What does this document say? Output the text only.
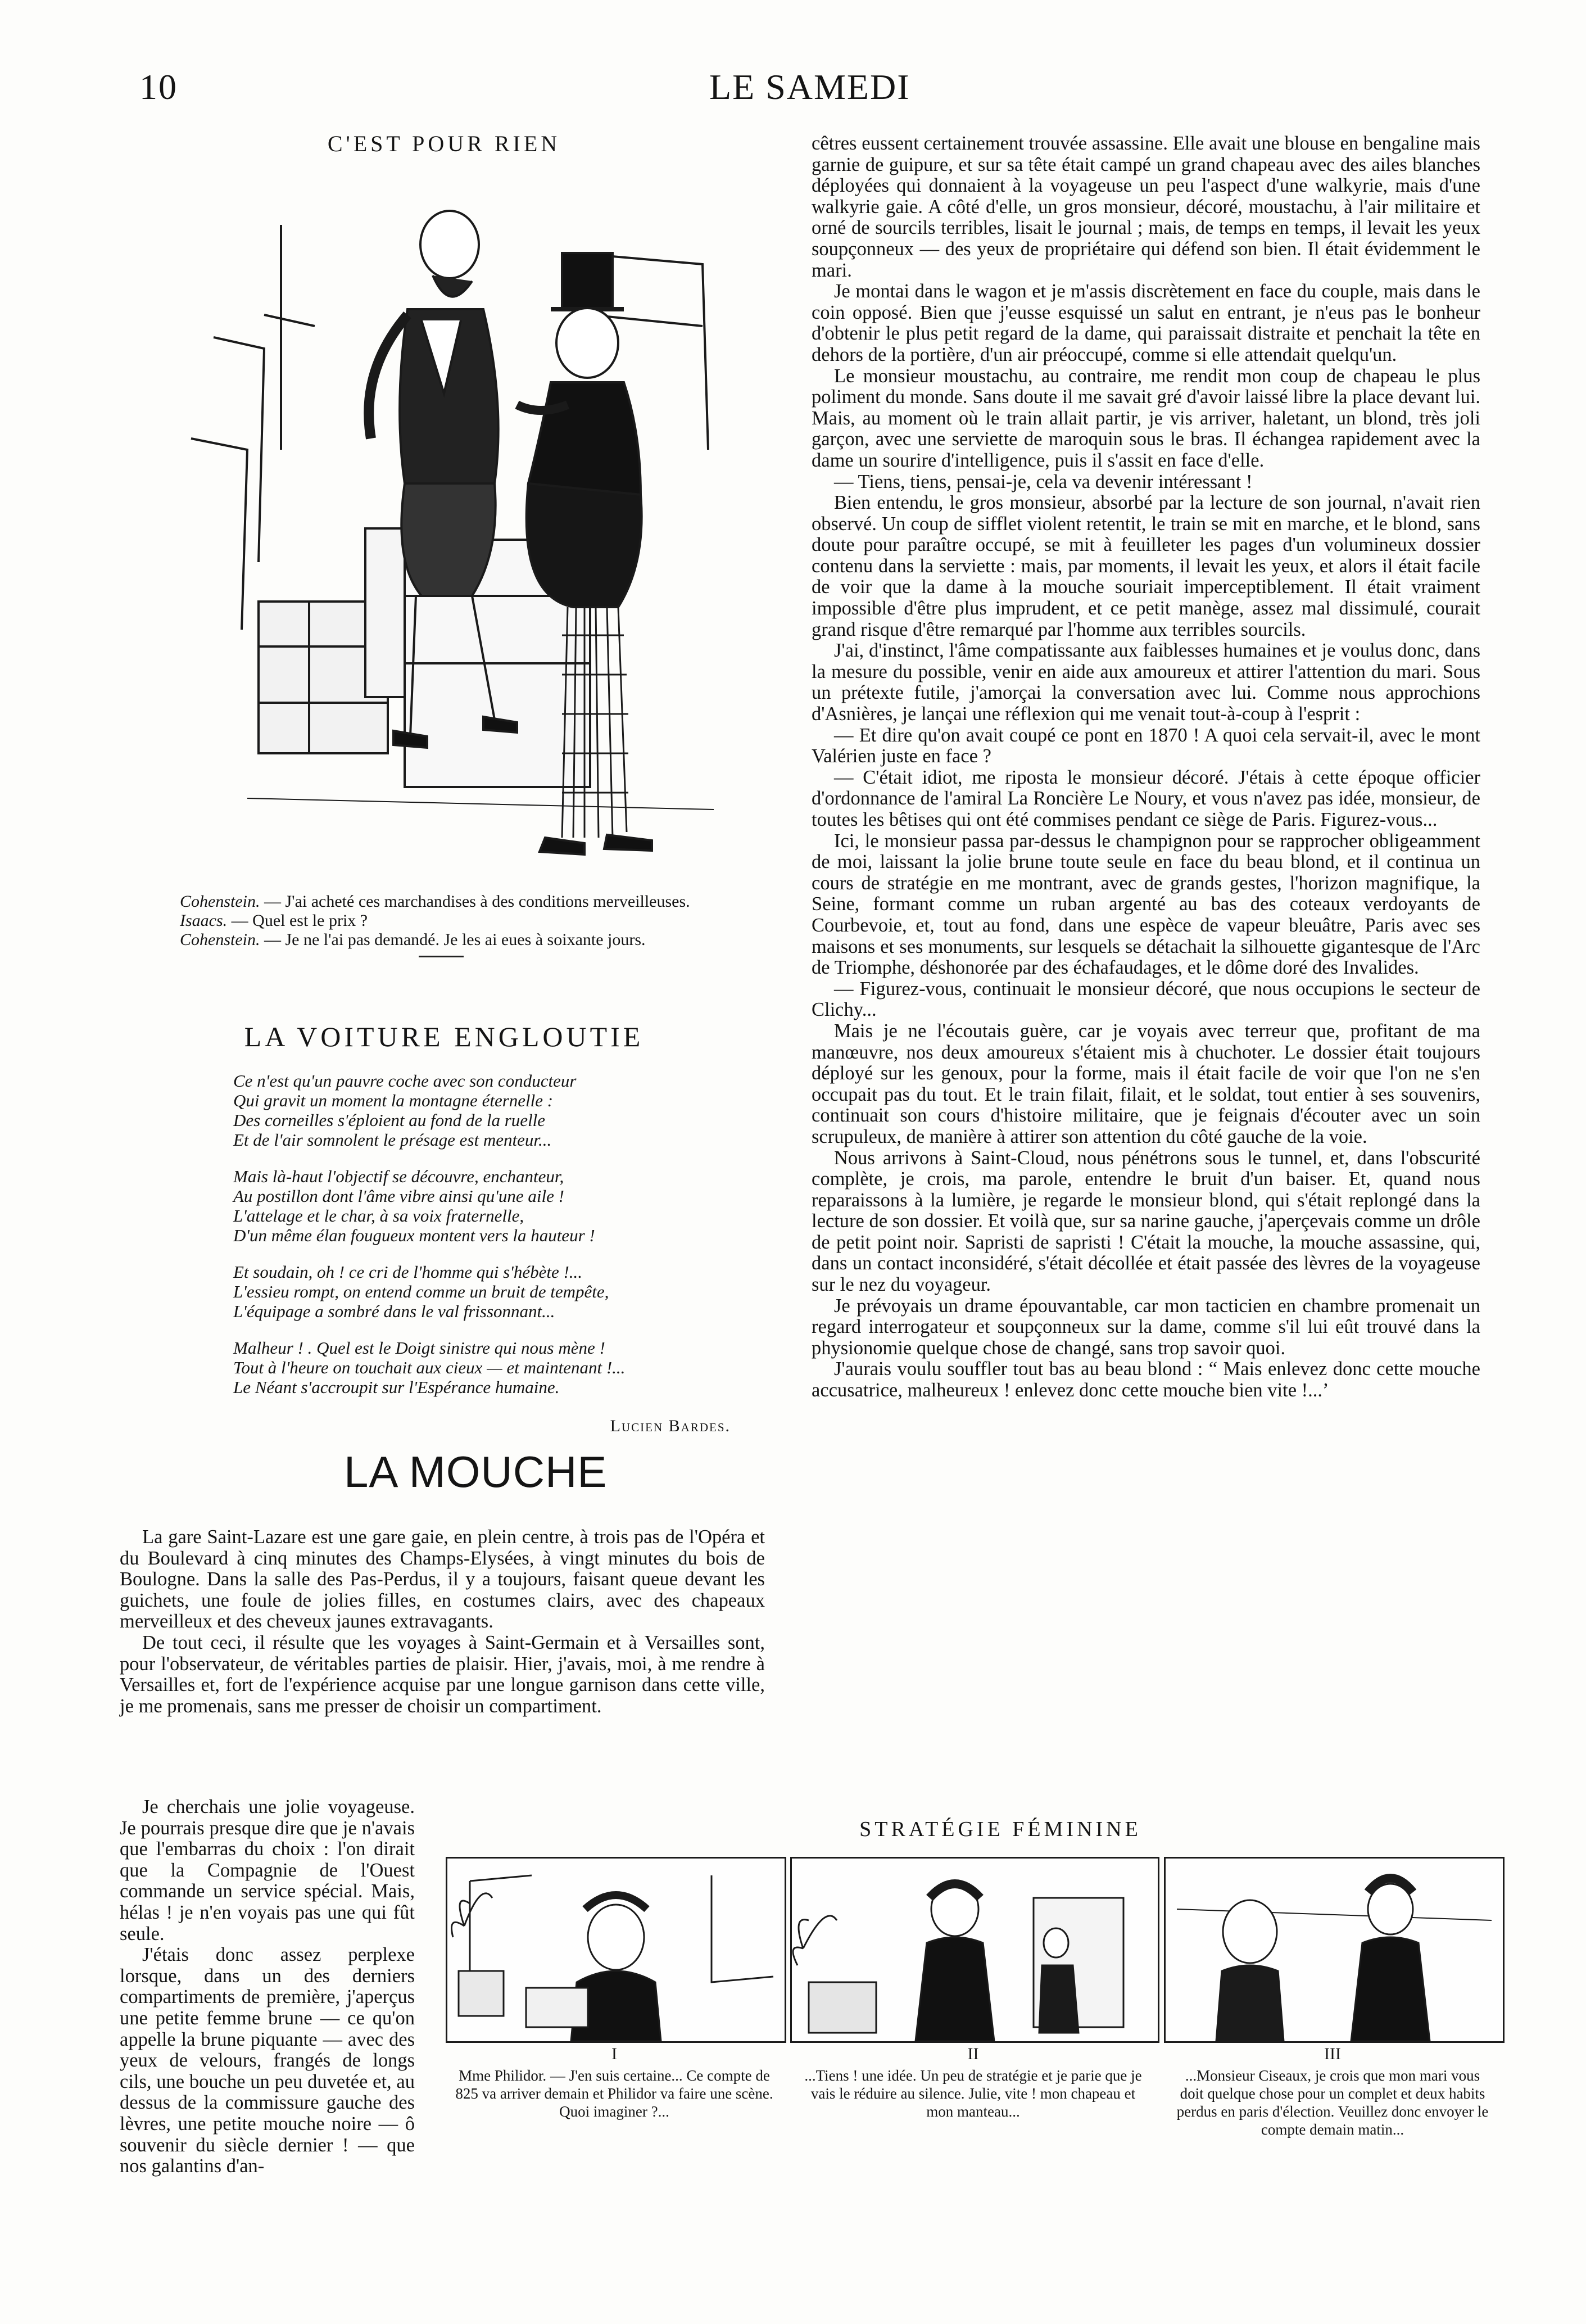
10	LE SAMEDI
C'EST POUR RIEN
Cohenstein. — J'ai acheté ces marchandises à des conditions merveilleuses.
Isaacs. — Quel est le prix ?
Cohenstein. — Je ne l'ai pas demandé. Je les ai eues à soixante jours.
LA VOITURE ENGLOUTIE
Ce n'est qu'un pauvre coche avec son conducteur
Qui gravit un moment la montagne éternelle :
Des corneilles s'éploient au fond de la ruelle
Et de l'air somnolent le présage est menteur...
Mais là-haut l'objectif se découvre, enchanteur,
Au postillon dont l'âme vibre ainsi qu'une aile !
L'attelage et le char, à sa voix fraternelle,
D'un même élan fougueux montent vers la hauteur !
Et soudain, oh ! ce cri de l'homme qui s'hébète !...
L'essieu rompt, on entend comme un bruit de tempête,
L'équipage a sombré dans le val frissonnant...
Malheur ! . Quel est le Doigt sinistre qui nous mène !
Tout à l'heure on touchait aux cieux — et maintenant !...
Le Néant s'accroupit sur l'Espérance humaine.
Lucien Bardes.
LA MOUCHE

La gare Saint-Lazare est une gare gaie, en plein centre, à trois pas de l'Opéra et du Boulevard à cinq minutes des Champs-Elysées, à vingt minutes du bois de Boulogne. Dans la salle des Pas-Perdus, il y a toujours, faisant queue devant les guichets, une foule de jolies filles, en costumes clairs, avec des chapeaux merveilleux et des cheveux jaunes extravagants.

De tout ceci, il résulte que les voyages à Saint-Germain et à Versailles sont, pour l'observateur, de véritables parties de plaisir. Hier, j'avais, moi, à me rendre à Versailles et, fort de l'expérience acquise par une longue garnison dans cette ville, je me promenais, sans me presser de choisir un compartiment.

Je cherchais une jolie voyageuse. Je pourrais presque dire que je n'avais que l'embarras du choix : l'on dirait que la Compagnie de l'Ouest commande un service spécial. Mais, hélas ! je n'en voyais pas une qui fût seule.

J'étais donc assez perplexe lorsque, dans un des derniers compartiments de première, j'aperçus une petite femme brune — ce qu'on appelle la brune piquante — avec des yeux de velours, frangés de longs cils, une bouche un peu duvetée et, au dessus de la commissure gauche des lèvres, une petite mouche noire — ô souvenir du siècle dernier ! — que nos galantins d'an-

cêtres eussent certainement trouvée assassine. Elle avait une blouse en bengaline mais garnie de guipure, et sur sa tête était campé un grand chapeau avec des ailes blanches déployées qui donnaient à la voyageuse un peu l'aspect d'une walkyrie, mais d'une walkyrie gaie. A côté d'elle, un gros monsieur, décoré, moustachu, à l'air militaire et orné de sourcils terribles, lisait le journal ; mais, de temps en temps, il levait les yeux soupçonneux — des yeux de propriétaire qui défend son bien. Il était évidemment le mari.

Je montai dans le wagon et je m'assis discrètement en face du couple, mais dans le coin opposé. Bien que j'eusse esquissé un salut en entrant, je n'eus pas le bonheur d'obtenir le plus petit regard de la dame, qui paraissait distraite et penchait la tête en dehors de la portière, d'un air préoccupé, comme si elle attendait quelqu'un.

Le monsieur moustachu, au contraire, me rendit mon coup de chapeau le plus poliment du monde. Sans doute il me savait gré d'avoir laissé libre la place devant lui. Mais, au moment où le train allait partir, je vis arriver, haletant, un blond, très joli garçon, avec une serviette de maroquin sous le bras. Il échangea rapidement avec la dame un sourire d'intelligence, puis il s'assit en face d'elle.

— Tiens, tiens, pensai-je, cela va devenir intéressant !

Bien entendu, le gros monsieur, absorbé par la lecture de son journal, n'avait rien observé. Un coup de sifflet violent retentit, le train se mit en marche, et le blond, sans doute pour paraître occupé, se mit à feuilleter les pages d'un volumineux dossier contenu dans la serviette : mais, par moments, il levait les yeux, et alors il était facile de voir que la dame à la mouche souriait imperceptiblement. Il était vraiment impossible d'être plus imprudent, et ce petit manège, assez mal dissimulé, courait grand risque d'être remarqué par l'homme aux terribles sourcils.

J'ai, d'instinct, l'âme compatissante aux faiblesses humaines et je voulus donc, dans la mesure du possible, venir en aide aux amoureux et attirer l'attention du mari. Sous un prétexte futile, j'amorçai la conversation avec lui. Comme nous approchions d'Asnières, je lançai une réflexion qui me venait tout-à-coup à l'esprit :

— Et dire qu'on avait coupé ce pont en 1870 ! A quoi cela servait-il, avec le mont Valérien juste en face ?

— C'était idiot, me riposta le monsieur décoré. J'étais à cette époque officier d'ordonnance de l'amiral La Roncière Le Noury, et vous n'avez pas idée, monsieur, de toutes les bêtises qui ont été commises pendant ce siège de Paris. Figurez-vous...

Ici, le monsieur passa par-dessus le champignon pour se rapprocher obligeamment de moi, laissant la jolie brune toute seule en face du beau blond, et il continua un cours de stratégie en me montrant, avec de grands gestes, l'horizon magnifique, la Seine, formant comme un ruban argenté au bas des coteaux verdoyants de Courbevoie, et, tout au fond, dans une espèce de vapeur bleuâtre, Paris avec ses maisons et ses monuments, sur lesquels se détachait la silhouette gigantesque de l'Arc de Triomphe, déshonorée par des échafaudages, et le dôme doré des Invalides.

— Figurez-vous, continuait le monsieur décoré, que nous occupions le secteur de Clichy...

Mais je ne l'écoutais guère, car je voyais avec terreur que, profitant de ma manœuvre, nos deux amoureux s'étaient mis à chuchoter. Le dossier était toujours déployé sur les genoux, pour la forme, mais il était facile de voir que l'on ne s'en occupait pas du tout. Et le train filait, filait, et le soldat, tout entier à ses souvenirs, continuait son cours d'histoire militaire, que je feignais d'écouter avec un soin scrupuleux, de manière à attirer son attention du côté gauche de la voie.

Nous arrivons à Saint-Cloud, nous pénétrons sous le tunnel, et, dans l'obscurité complète, je crois, ma parole, entendre le bruit d'un baiser. Et, quand nous reparaissons à la lumière, je regarde le monsieur blond, qui s'était replongé dans la lecture de son dossier. Et voilà que, sur sa narine gauche, j'aperçevais comme un drôle de petit point noir. Sapristi de sapristi ! C'était la mouche, la mouche assassine, qui, dans un contact inconsidéré, s'était décollée et était passée des lèvres de la voyageuse sur le nez du voyageur.

Je prévoyais un drame épouvantable, car mon tacticien en chambre promenait un regard interrogateur et soupçonneux sur la dame, comme s'il lui eût trouvé dans la physionomie quelque chose de changé, sans trop savoir quoi.

J'aurais voulu souffler tout bas au beau blond : “ Mais enlevez donc cette mouche accusatrice, malheureux ! enlevez donc cette mouche bien vite !...’

STRATÉGIE FÉMININE
I	II	III
Mme Philidor. — J'en suis certaine... Ce compte de 825 va arriver demain et Philidor va faire une scène. Quoi imaginer ?...
...Tiens ! une idée. Un peu de stratégie et je parie que je vais le réduire au silence. Julie, vite ! mon chapeau et mon manteau...
...Monsieur Ciseaux, je crois que mon mari vous doit quelque chose pour un complet et deux habits perdus en paris d'élection. Veuillez donc envoyer le compte demain matin...
